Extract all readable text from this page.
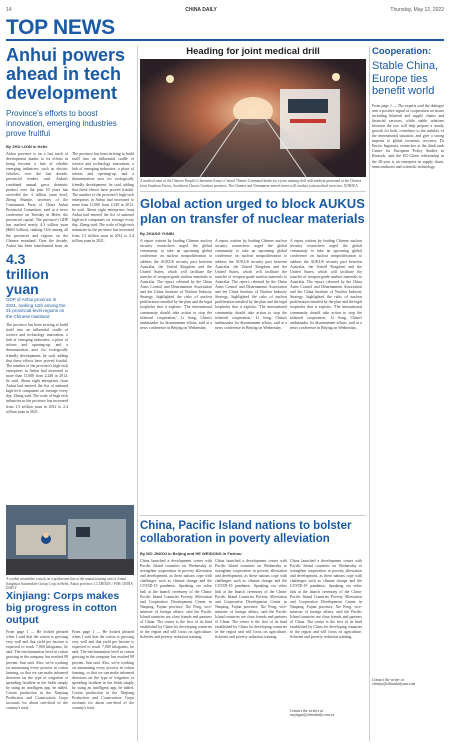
14	CHINA DAILY	Thursday, May 12, 2022
TOP NEWS
Anhui powers ahead in tech development
Province's efforts to boost innovation, emerging industries prove fruitful
By ZHU LIXIN in Hefei
Anhui province is on a fast track of development thanks to its efforts in being become a hub of reliable emerging industries, such as electric vehicles, over the last decade, provincial leaders said. Anhui's combined annual gross domestic product over the past 10 years has exceeded the 4 trillion yuan level, Zheng Shanjie, secretary of the Communist Party of China Anhui Provincial Committee, said at a news conference on Tuesday in Hefei, the provincial capital. The province's GDP has reached nearly 4.3 trillion yuan ($663 billion), ranking 11th among all the provinces and regions on the Chinese mainland. Over the decade, Anhui has been transformed from an
4.3 trillion yuan
GDP of Anhui province in 2021, ranking 11th among the 31 provincial-level regions on the Chinese mainland
The province has been striving to build itself into an influential cradle of science and technology innovation, a hub of emerging industries, a place of reform and opening-up, and a demonstration area for ecologically friendly development, he said, adding that these efforts have proved fruitful. The number of the province's high-tech enterprises in Anhui had increased to more than 11,000 from 2,249 in 2012, he said. About eight enterprises from Anhui had entered the list of national high-tech companies on average every day, Zheng said. The scale of high-tech industries in the province has increased from 1.5 trillion yuan in 2012 to 2.4 trillion yuan in 2021.
The province has been striving to build itself into an influential cradle of science and technology innovation, a hub of emerging industries, a place of reform and opening-up, and a demonstration area for ecologically friendly development, he said, adding that these efforts have proved fruitful. The number of the province's high-tech enterprises in Anhui had increased to more than 11,000 from 2,249 in 2012, he said. About eight enterprises from Anhui had entered the list of national high-tech companies on average every day, Zheng said. The scale of high-tech industries in the province has increased from 1.5 trillion yuan in 2012 to 2.4 trillion yuan in 2021.
Heading for joint medical drill
A medical train of the Chinese People's Liberation Army's Central Theater Command heads for a joint training drill with medical personnel at the Chinese Joint Southern Forces, Southwest China's Guizhou province. The Chinese and Vietnamese armed forces will conduct joint medical exercises. XINHUA
Global action urged to block AUKUS plan on transfer of nuclear materials
By ZHANG YUNBI
A report written by leading Chinese nuclear security researchers urged the global community to take an upcoming global conference on nuclear nonproliferation to address the AUKUS security pact between Australia, the United Kingdom and the United States, which will facilitate the transfer of weapon-grade nuclear materials to Australia. The report, released by the China Arms Control and Disarmament Association and the China Institute of Nuclear Industry Strategy, highlighted the risks of nuclear proliferation entailed by the plan and the legal loopholes that it exploits. 'The international community should take action to stop the trilateral cooperation,' Li Song, China's ambassador for disarmament affairs, said at a news conference in Beijing on Wednesday.
A report written by leading Chinese nuclear security researchers urged the global community to take an upcoming global conference on nuclear nonproliferation to address the AUKUS security pact between Australia, the United Kingdom and the United States, which will facilitate the transfer of weapon-grade nuclear materials to Australia. The report, released by the China Arms Control and Disarmament Association and the China Institute of Nuclear Industry Strategy, highlighted the risks of nuclear proliferation entailed by the plan and the legal loopholes that it exploits. 'The international community should take action to stop the trilateral cooperation,' Li Song, China's ambassador for disarmament affairs, said at a news conference in Beijing on Wednesday.
A report written by leading Chinese nuclear security researchers urged the global community to take an upcoming global conference on nuclear nonproliferation to address the AUKUS security pact between Australia, the United Kingdom and the United States, which will facilitate the transfer of weapon-grade nuclear materials to Australia. The report, released by the China Arms Control and Disarmament Association and the China Institute of Nuclear Industry Strategy, highlighted the risks of nuclear proliferation entailed by the plan and the legal loopholes that it exploits. 'The international community should take action to stop the trilateral cooperation,' Li Song, China's ambassador for disarmament affairs, said at a news conference in Beijing on Wednesday.
A worker assembles a truck on a production line at the manufacturing unit of Anhui Jianghuai Automobile Group Corp in Hefei, Anhui province. LI ZHIXIN / FOR CHINA DAILY
Xinjiang: Corps makes big progress in cotton output
From page 1 — He looked pleased when I said that the cotton is growing very well and that yield per hectare is expected to reach 7,000 kilograms, he said. The mechanization level in cotton growing in the company has reached 98 percent, Sun said. Also, we're working on automating every process in cotton farming, so that we can make informed decisions on the type of irrigation or spreading fertilizer in the fields simply by using an intelligent app, he added. Cotton production in the Xinjiang Production and Construction Corps accounts for about one-third of the country's total.
From page 1 — He looked pleased when I said that the cotton is growing very well and that yield per hectare is expected to reach 7,000 kilograms, he said. The mechanization level in cotton growing in the company has reached 98 percent, Sun said. Also, we're working on automating every process in cotton farming, so that we can make informed decisions on the type of irrigation or spreading fertilizer in the fields simply by using an intelligent app, he added. Cotton production in the Xinjiang Production and Construction Corps accounts for about one-third of the country's total.
China, Pacific Island nations to bolster collaboration in poverty alleviation
By MO JINGXI in Beijing and HE WEIDONG in Fuzhou
China launched a development center with Pacific Island countries on Wednesday to strengthen cooperation in poverty alleviation and development, as these nations cope with challenges such as climate change and the COVID-19 pandemic. Speaking via video link at the launch ceremony of the China-Pacific Island Countries Poverty Alleviation and Cooperative Development Center in Nanping, Fujian province, Xie Feng, vice-minister of foreign affairs, said the Pacific Island countries are close friends and partners of China. The center is the first of its kind established by China for developing countries in the region and will focus on agriculture, fisheries and poverty reduction training.
China launched a development center with Pacific Island countries on Wednesday to strengthen cooperation in poverty alleviation and development, as these nations cope with challenges such as climate change and the COVID-19 pandemic. Speaking via video link at the launch ceremony of the China-Pacific Island Countries Poverty Alleviation and Cooperative Development Center in Nanping, Fujian province, Xie Feng, vice-minister of foreign affairs, said the Pacific Island countries are close friends and partners of China. The center is the first of its kind established by China for developing countries in the region and will focus on agriculture, fisheries and poverty reduction training.
China launched a development center with Pacific Island countries on Wednesday to strengthen cooperation in poverty alleviation and development, as these nations cope with challenges such as climate change and the COVID-19 pandemic. Speaking via video link at the launch ceremony of the China-Pacific Island Countries Poverty Alleviation and Cooperative Development Center in Nanping, Fujian province, Xie Feng, vice-minister of foreign affairs, said the Pacific Island countries are close friends and partners of China. The center is the first of its kind established by China for developing countries in the region and will focus on agriculture, fisheries and poverty reduction training.
Contact the writers at mojingxi@chinadaily.com.cn
Cooperation:
Stable China, Europe ties benefit world
From page 1 — The experts said the dialogue sent a positive signal of cooperation on issues including bilateral and supply chains and financial services, while stable relations between the two will help prepare a steady growth for both, contribute to the stability of the international situation, and give a strong impetus to global economic recovery. Dr Enrico Ingrassia, researcher at the think tank Centre for European Policy Studies in Brussels, said the EU-China relationship in the 20-year is an enterprise in supply chain, semiconductor and scientific technology.
Contact the writer at chenjia@chinadailyusa.com
